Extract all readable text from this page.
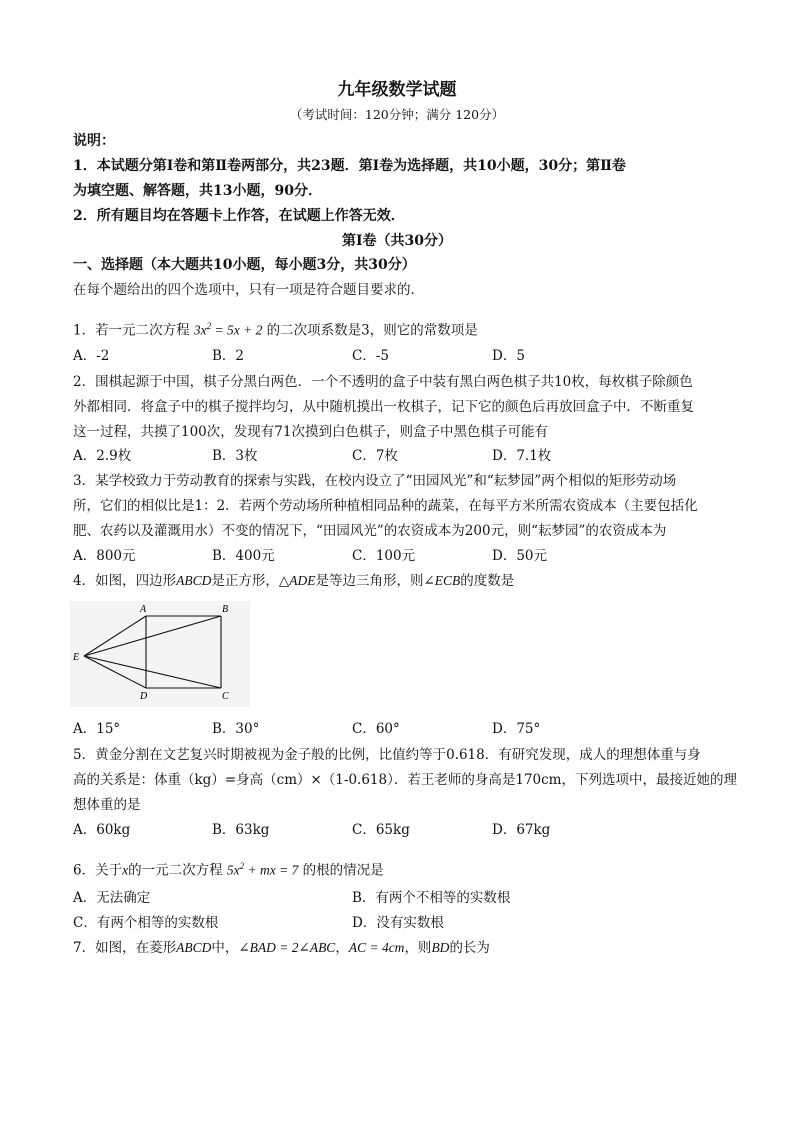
九年级数学试题
（考试时间：120分钟；满分 120分）
说明：
1．本试题分第Ⅰ卷和第Ⅱ卷两部分，共23题．第Ⅰ卷为选择题，共10小题，30分；第Ⅱ卷
为填空题、解答题，共13小题，90分．
2．所有题目均在答题卡上作答，在试题上作答无效．
第Ⅰ卷（共30分）
一、选择题（本大题共10小题，每小题3分，共30分）
在每个题给出的四个选项中，只有一项是符合题目要求的．
1．若一元二次方程 $3x^2 = 5x + 2$ 的二次项系数是3，则它的常数项是
A．-2	B．2	C．-5	D．5
2．围棋起源于中国，棋子分黑白两色．一个不透明的盒子中装有黑白两色棋子共10枚，每枚棋子除颜色
外都相同．将盒子中的棋子搅拌均匀，从中随机摸出一枚棋子，记下它的颜色后再放回盒子中．不断重复
这一过程，共摸了100次，发现有71次摸到白色棋子，则盒子中黑色棋子可能有
A．2.9枚	B．3枚	C．7枚	D．7.1枚
3．某学校致力于劳动教育的探索与实践，在校内设立了“田园风光”和“耘梦园”两个相似的矩形劳动场
所，它们的相似比是1：2．若两个劳动场所种植相同品种的蔬菜，在每平方米所需农资成本（主要包括化
肥、农药以及灌溉用水）不变的情况下，“田园风光”的农资成本为200元，则“耘梦园”的农资成本为
A．800元	B．400元	C．100元	D．50元
4．如图，四边形ABCD是正方形，△ADE是等边三角形，则∠ECB的度数是
A	B
C
D
E
A．15°	B．30°	C．60°	D．75°
5．黄金分割在文艺复兴时期被视为金子般的比例，比值约等于0.618．有研究发现，成人的理想体重与身
高的关系是：体重（kg）=身高（cm）×（1-0.618）．若王老师的身高是170cm，下列选项中，最接近她的理
想体重的是
A．60kg	B．63kg	C．65kg	D．67kg
6．关于x的一元二次方程 $5x^2$ + mx = 7 的根的情况是
A．无法确定	B．有两个不相等的实数根
C．有两个相等的实数根	D．没有实数根
7．如图，在菱形ABCD中，∠BAD = 2∠ABC，AC = 4cm，则BD的长为
